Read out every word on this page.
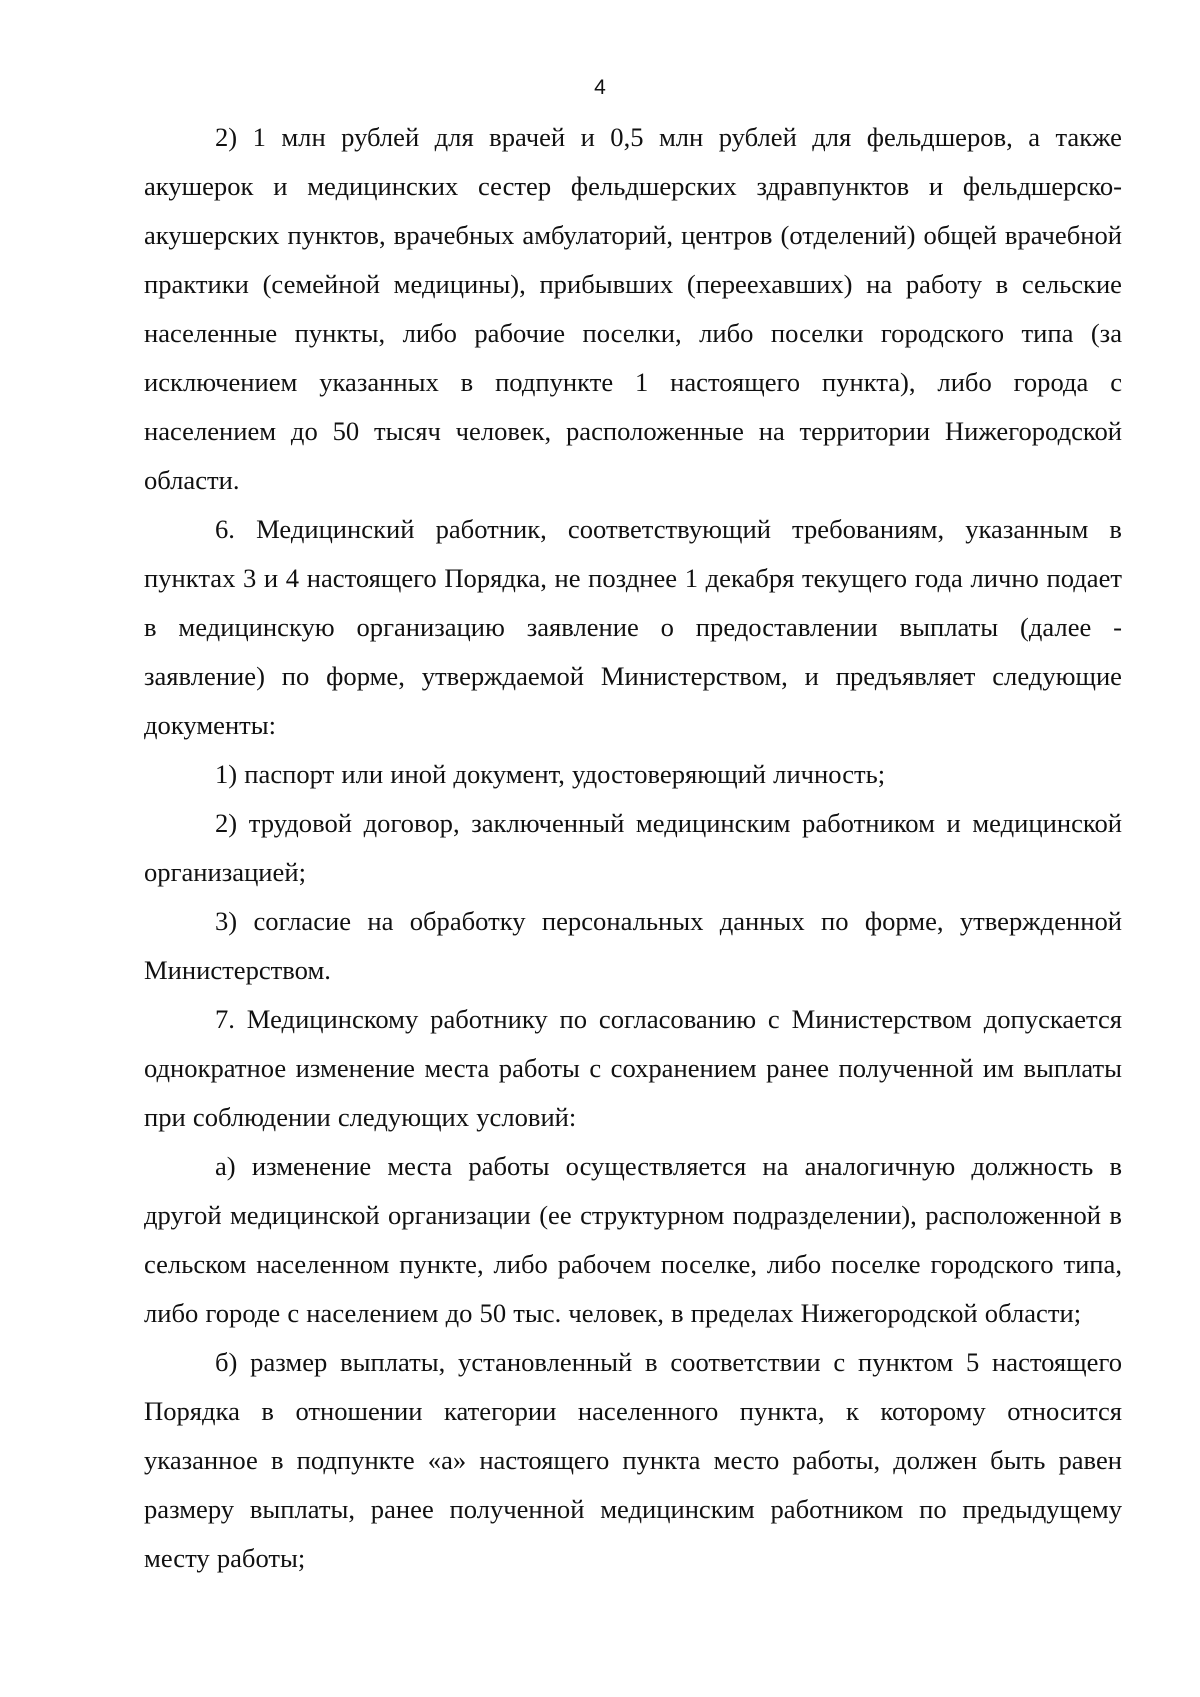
4

2) 1 млн рублей для врачей и 0,5 млн рублей для фельдшеров, а также акушерок и медицинских сестер фельдшерских здравпунктов и фельдшерско-акушерских пунктов, врачебных амбулаторий, центров (отделений) общей врачебной практики (семейной медицины), прибывших (переехавших) на работу в сельские населенные пункты, либо рабочие поселки, либо поселки городского типа (за исключением указанных в подпункте 1 настоящего пункта), либо города с населением до 50 тысяч человек, расположенные на территории Нижегородской области.

6. Медицинский работник, соответствующий требованиям, указанным в пунктах 3 и 4 настоящего Порядка, не позднее 1 декабря текущего года лично подает в медицинскую организацию заявление о предоставлении выплаты (далее - заявление) по форме, утверждаемой Министерством, и предъявляет следующие документы:

1) паспорт или иной документ, удостоверяющий личность;

2) трудовой договор, заключенный медицинским работником и медицинской организацией;

3) согласие на обработку персональных данных по форме, утвержденной Министерством.

7. Медицинскому работнику по согласованию с Министерством допускается однократное изменение места работы с сохранением ранее полученной им выплаты при соблюдении следующих условий:

а) изменение места работы осуществляется на аналогичную должность в другой медицинской организации (ее структурном подразделении), расположенной в сельском населенном пункте, либо рабочем поселке, либо поселке городского типа, либо городе с населением до 50 тыс. человек, в пределах Нижегородской области;

б) размер выплаты, установленный в соответствии с пунктом 5 настоящего Порядка в отношении категории населенного пункта, к которому относится указанное в подпункте «а» настоящего пункта место работы, должен быть равен размеру выплаты, ранее полученной медицинским работником по предыдущему месту работы;
